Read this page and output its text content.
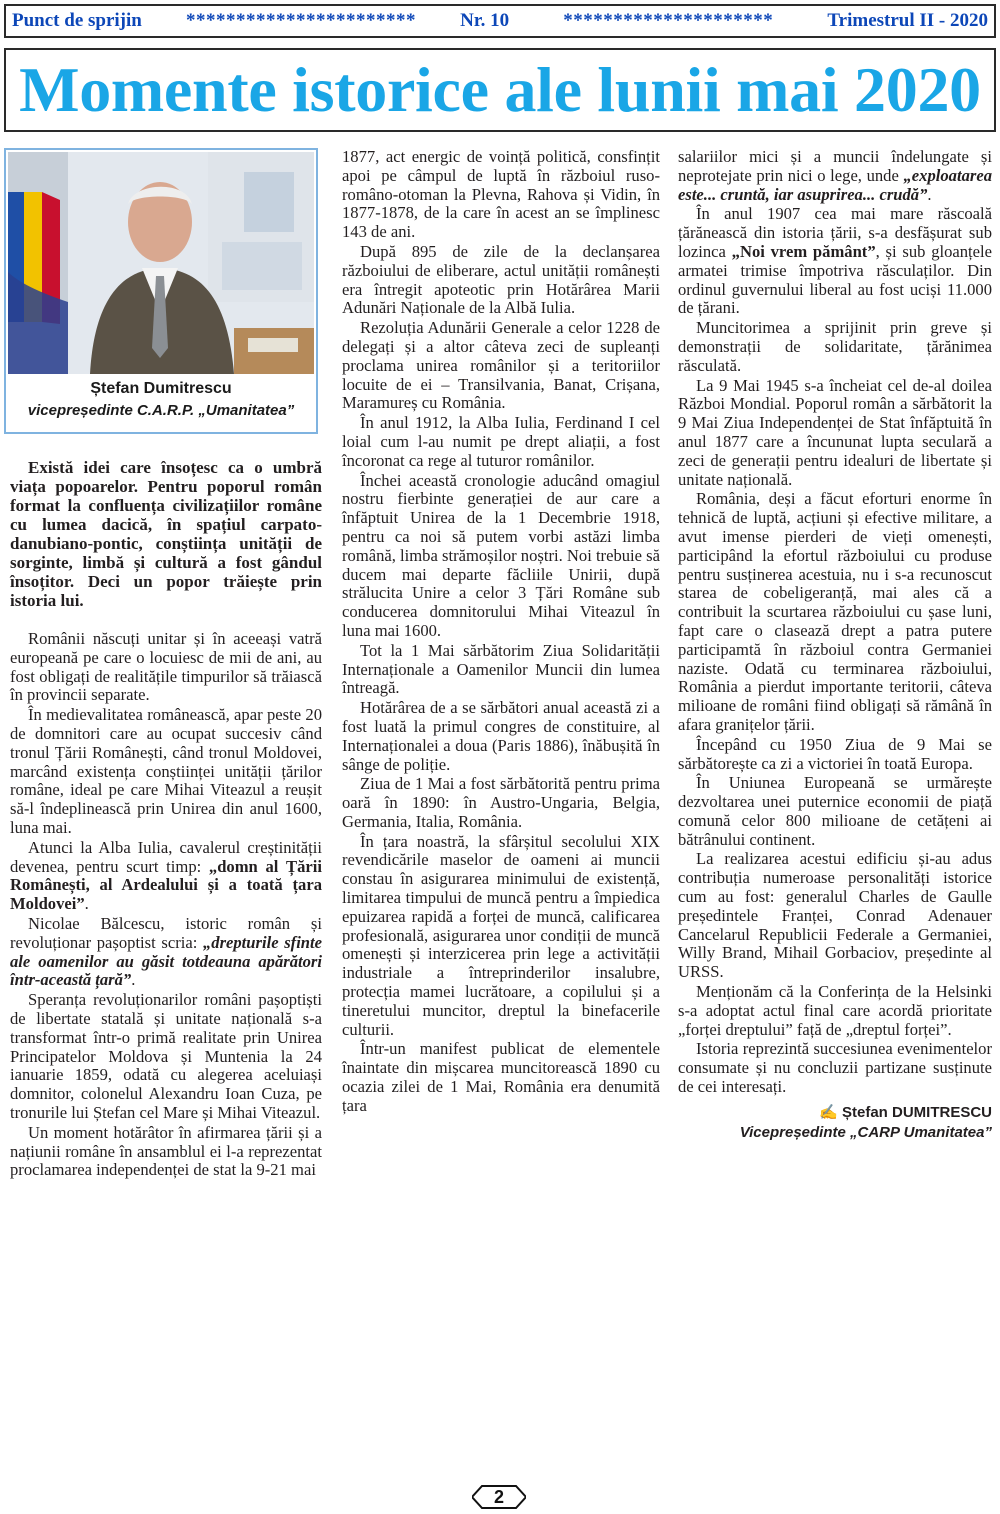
Punct de sprijin	***********************	Nr. 10	*********************	Trimestrul II - 2020
Momente istorice ale lunii mai 2020
Ștefan Dumitrescu
vicepreședinte C.A.R.P. „Umanitatea”

Există idei care însoțesc ca o umbră viața popoarelor. Pentru poporul român format la confluența civilizațiilor române cu lumea dacică, în spațiul carpato-danubiano-pontic, conștiința unității de sorginte, limbă și cultură a fost gândul însoțitor. Deci un popor trăiește prin istoria lui.

Românii născuți unitar și în aceeași vatră europeană pe care o locuiesc de mii de ani, au fost obligați de realitățile timpurilor să trăiască în provincii separate.

În medievalitatea românească, apar peste 20 de domnitori care au ocupat succesiv când tronul Țării Românești, când tronul Moldovei, marcând existența conștiinței unității țărilor române, ideal pe care Mihai Viteazul a reușit să-l îndeplinească prin Unirea din anul 1600, luna mai.

Atunci la Alba Iulia, cavalerul creștinității devenea, pentru scurt timp: „domn al Țării Românești, al Ardealului și a toată țara Moldovei”.

Nicolae Bălcescu, istoric român și revoluționar pașoptist scria: „drepturile sfinte ale oamenilor au găsit totdeauna apărători într-această țară”.

Speranța revoluționarilor români pașoptiști de libertate statală și unitate națională s-a transformat într-o primă realitate prin Unirea Principatelor Moldova și Muntenia la 24 ianuarie 1859, odată cu alegerea aceluiași domnitor, colonelul Alexandru Ioan Cuza, pe tronurile lui Ștefan cel Mare și Mihai Viteazul.

Un moment hotărâtor în afirmarea țării și a națiunii române în ansamblul ei l-a reprezentat proclamarea independenței de stat la 9-21 mai

1877, act energic de voință politică, consfințit apoi pe câmpul de luptă în războiul ruso-româno-otoman la Plevna, Rahova și Vidin, în 1877-1878, de la care în acest an se împlinesc 143 de ani.

După 895 de zile de la declanșarea războiului de eliberare, actul unității românești era întregit apoteotic prin Hotărârea Marii Adunări Naționale de la Albă Iulia.

Rezoluția Adunării Generale a celor 1228 de delegați și a altor câteva zeci de supleanți proclama unirea românilor și a teritoriilor locuite de ei – Transilvania, Banat, Crișana, Maramureș cu România.

În anul 1912, la Alba Iulia, Ferdinand I cel loial cum l-au numit pe drept aliații, a fost încoronat ca rege al tuturor românilor.

Închei această cronologie aducând omagiul nostru fierbinte generației de aur care a înfăptuit Unirea de la 1 Decembrie 1918, pentru ca noi să putem vorbi astăzi limba română, limba strămoșilor noștri. Noi trebuie să ducem mai departe făcliile Unirii, după strălucita Unire a celor 3 Țări Române sub conducerea domnitorului Mihai Viteazul în luna mai 1600.

Tot la 1 Mai sărbătorim Ziua Solidarității Internaționale a Oamenilor Muncii din lumea întreagă.

Hotărârea de a se sărbători anual această zi a fost luată la primul congres de constituire, al Internaționalei a doua (Paris 1886), înăbușită în sânge de poliție.

Ziua de 1 Mai a fost sărbătorită pentru prima oară în 1890: în Austro-Ungaria, Belgia, Germania, Italia, România.

În țara noastră, la sfârșitul secolului XIX revendicările maselor de oameni ai muncii constau în asigurarea minimului de existență, limitarea timpului de muncă pentru a împiedica epuizarea rapidă a forței de muncă, calificarea profesională, asigurarea unor condiții de muncă omenești și interzicerea prin lege a activității industriale a întreprinderilor insalubre, protecția mamei lucrătoare, a copilului și a tineretului muncitor, dreptul la binefacerile culturii.

Într-un manifest publicat de elementele înaintate din mișcarea muncitorească 1890 cu ocazia zilei de 1 Mai, România era denumită țara

salariilor mici și a muncii îndelungate și neprotejate prin nici o lege, unde „exploatarea este... cruntă, iar asuprirea... crudă”.

În anul 1907 cea mai mare răscoală țărănească din istoria țării, s-a desfășurat sub lozinca „Noi vrem pământ”, și sub gloanțele armatei trimise împotriva răsculaților. Din ordinul guvernului liberal au fost uciși 11.000 de țărani.

Muncitorimea a sprijinit prin greve și demonstrații de solidaritate, țărănimea răsculată.

La 9 Mai 1945 s-a încheiat cel de-al doilea Război Mondial. Poporul român a sărbătorit la 9 Mai Ziua Independenței de Stat înfăptuită în anul 1877 care a încununat lupta seculară a zeci de generații pentru idealuri de libertate și unitate națională.

România, deși a făcut eforturi enorme în tehnică de luptă, acțiuni și efective militare, a avut imense pierderi de vieți omenești, participând la efortul războiului cu produse pentru susținerea acestuia, nu i s-a recunoscut starea de cobeligeranță, mai ales că a contribuit la scurtarea războiului cu șase luni, fapt care o clasează drept a patra putere participamtă în războiul contra Germaniei naziste. Odată cu terminarea războiului, România a pierdut importante teritorii, câteva milioane de români fiind obligați să rămână în afara granițelor țării.

Începând cu 1950 Ziua de 9 Mai se sărbătorește ca zi a victoriei în toată Europa.

În Uniunea Europeană se urmărește dezvoltarea unei puternice economii de piață comună celor 800 milioane de cetățeni ai bătrânului continent.

La realizarea acestui edificiu și-au adus contribuția numeroase personalități istorice cum au fost: generalul Charles de Gaulle președintele Franței, Conrad Adenauer Cancelarul Republicii Federale a Germaniei, Willy Brand, Mihail Gorbaciov, președinte al URSS.

Menționăm că la Conferința de la Helsinki s-a adoptat actul final care acordă prioritate „forței dreptului” față de „dreptul forței”.

Istoria reprezintă succesiunea evenimentelor consumate și nu concluzii partizane susținute de cei interesați.

✍ Ștefan DUMITRESCU
Vicepreședinte „CARP Umanitatea”
2
